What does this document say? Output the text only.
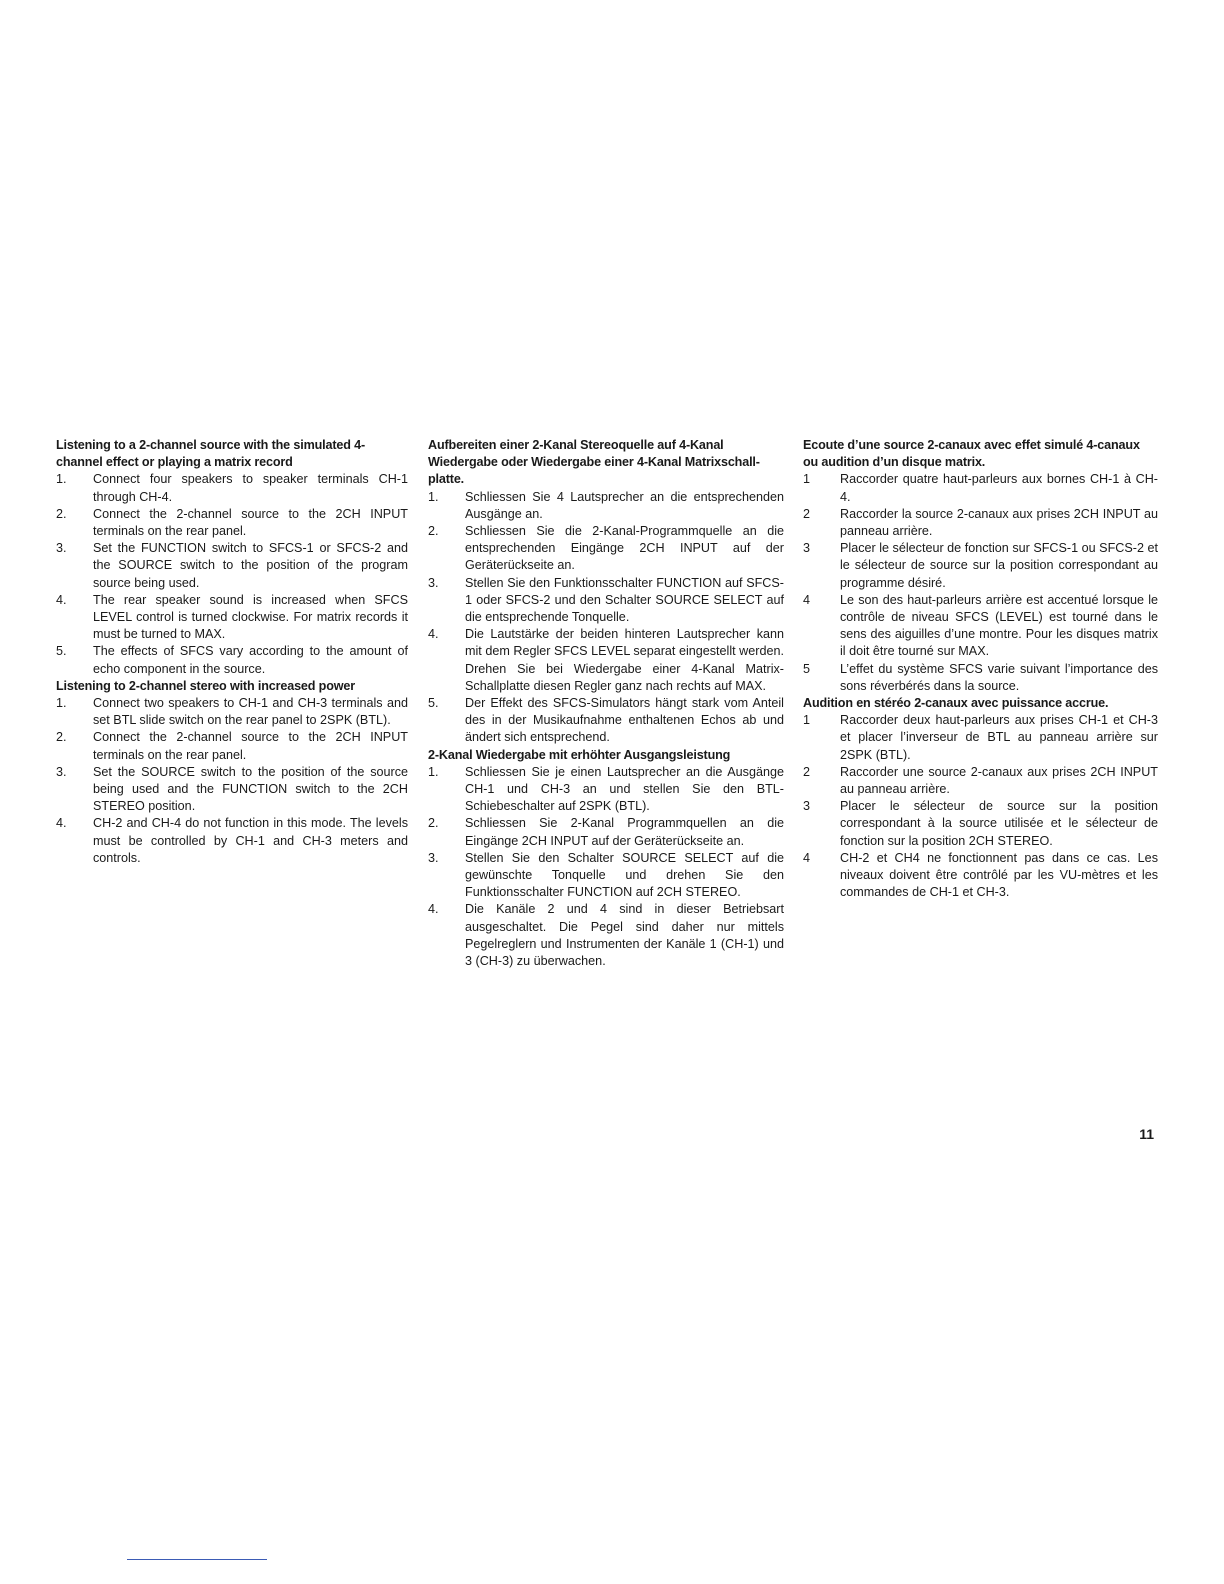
Listening to a 2-channel source with the simulated 4-channel effect or playing a matrix record

1. Connect four speakers to speaker terminals CH-1 through CH-4.
2. Connect the 2-channel source to the 2CH INPUT terminals on the rear panel.
3. Set the FUNCTION switch to SFCS-1 or SFCS-2 and the SOURCE switch to the position of the program source being used.
4. The rear speaker sound is increased when SFCS LEVEL control is turned clockwise. For matrix records it must be turned to MAX.
5. The effects of SFCS vary according to the amount of echo component in the source.

Listening to 2-channel stereo with increased power

1. Connect two speakers to CH-1 and CH-3 terminals and set BTL slide switch on the rear panel to 2SPK (BTL).
2. Connect the 2-channel source to the 2CH INPUT terminals on the rear panel.
3. Set the SOURCE switch to the position of the source being used and the FUNCTION switch to the 2CH STEREO position.
4. CH-2 and CH-4 do not function in this mode. The levels must be controlled by CH-1 and CH-3 meters and controls.

Aufbereiten einer 2-Kanal Stereoquelle auf 4-Kanal Wiedergabe oder Wiedergabe einer 4-Kanal Matrixschall-platte.

1. Schliessen Sie 4 Lautsprecher an die entsprechenden Ausgänge an.
2. Schliessen Sie die 2-Kanal-Programmquelle an die entsprechenden Eingänge 2CH INPUT auf der Geräterückseite an.
3. Stellen Sie den Funktionsschalter FUNCTION auf SFCS-1 oder SFCS-2 und den Schalter SOURCE SELECT auf die entsprechende Tonquelle.
4. Die Lautstärke der beiden hinteren Lautsprecher kann mit dem Regler SFCS LEVEL separat eingestellt werden. Drehen Sie bei Wiedergabe einer 4-Kanal Matrix-Schallplatte diesen Regler ganz nach rechts auf MAX.
5. Der Effekt des SFCS-Simulators hängt stark vom Anteil des in der Musikaufnahme enthaltenen Echos ab und ändert sich entsprechend.

2-Kanal Wiedergabe mit erhöhter Ausgangsleistung

1. Schliessen Sie je einen Lautsprecher an die Ausgänge CH-1 und CH-3 an und stellen Sie den BTL-Schiebeschalter auf 2SPK (BTL).
2. Schliessen Sie 2-Kanal Programmquellen an die Eingänge 2CH INPUT auf der Geräterückseite an.
3. Stellen Sie den Schalter SOURCE SELECT auf die gewünschte Tonquelle und drehen Sie den Funktionsschalter FUNCTION auf 2CH STEREO.
4. Die Kanäle 2 und 4 sind in dieser Betriebsart ausgeschaltet. Die Pegel sind daher nur mittels Pegelreglern und Instrumenten der Kanäle 1 (CH-1) und 3 (CH-3) zu überwachen.

Ecoute d’une source 2-canaux avec effet simulé 4-canaux ou audition d’un disque matrix.

1 Raccorder quatre haut-parleurs aux bornes CH-1 à CH-4.
2 Raccorder la source 2-canaux aux prises 2CH INPUT au panneau arrière.
3 Placer le sélecteur de fonction sur SFCS-1 ou SFCS-2 et le sélecteur de source sur la position correspondant au programme désiré.
4 Le son des haut-parleurs arrière est accentué lorsque le contrôle de niveau SFCS (LEVEL) est tourné dans le sens des aiguilles d’une montre. Pour les disques matrix il doit être tourné sur MAX.
5 L’effet du système SFCS varie suivant l’importance des sons réverbérés dans la source.

Audition en stéréo 2-canaux avec puissance accrue.

1 Raccorder deux haut-parleurs aux prises CH-1 et CH-3 et placer l’inverseur de BTL au panneau arrière sur 2SPK (BTL).
2 Raccorder une source 2-canaux aux prises 2CH INPUT au panneau arrière.
3 Placer le sélecteur de source sur la position correspondant à la source utilisée et le sélecteur de fonction sur la position 2CH STEREO.
4 CH-2 et CH4 ne fonctionnent pas dans ce cas. Les niveaux doivent être contrôlé par les VU-mètres et les commandes de CH-1 et CH-3.
11
